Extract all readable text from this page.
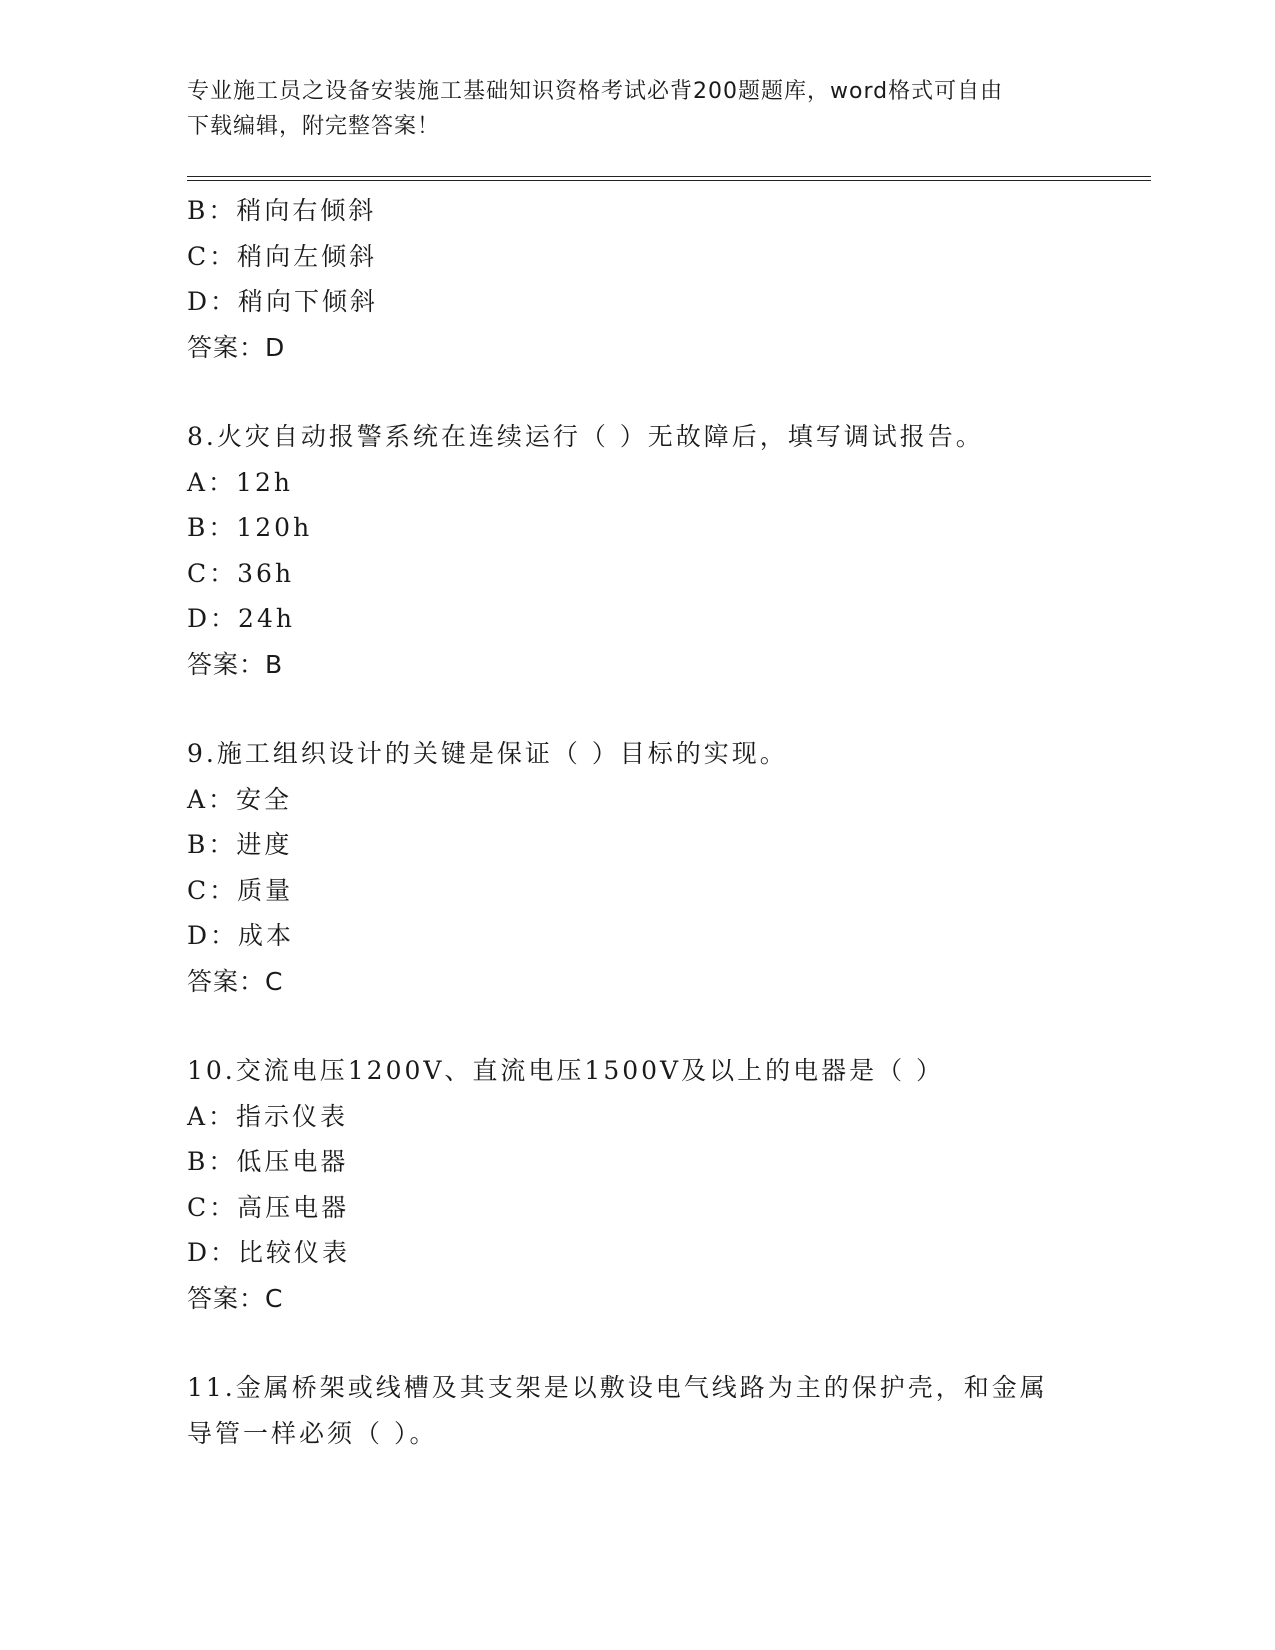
专业施工员之设备安装施工基础知识资格考试必背200题题库，word格式可自由
下载编辑，附完整答案！
B：稍向右倾斜
C：稍向左倾斜
D：稍向下倾斜
答案：D
8.火灾自动报警系统在连续运行（ ）无故障后，填写调试报告。
A：12h
B：120h
C：36h
D：24h
答案：B
9.施工组织设计的关键是保证（ ）目标的实现。
A：安全
B：进度
C：质量
D：成本
答案：C
10.交流电压1200V、直流电压1500V及以上的电器是（ ）
A：指示仪表
B：低压电器
C：高压电器
D：比较仪表
答案：C
11.金属桥架或线槽及其支架是以敷设电气线路为主的保护壳，和金属
导管一样必须（ ）。
